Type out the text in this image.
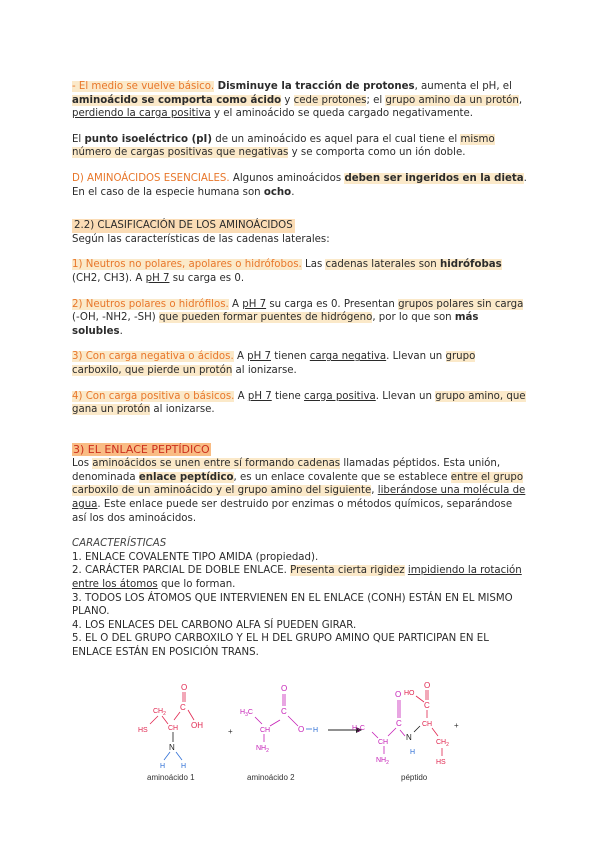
- El medio se vuelve básico. Disminuye la tracción de protones, aumenta el pH, el aminoácido se comporta como ácido y cede protones; el grupo amino da un protón, perdiendo la carga positiva y el aminoácido se queda cargado negativamente.

El punto isoeléctrico (pI) de un aminoácido es aquel para el cual tiene el mismo número de cargas positivas que negativas y se comporta como un ión doble.

D) AMINOÁCIDOS ESENCIALES. Algunos aminoácidos deben ser ingeridos en la dieta. En el caso de la especie humana son ocho.

2.2) CLASIFICACIÓN DE LOS AMINOÁCIDOS

Según las características de las cadenas laterales:

1) Neutros no polares, apolares o hidrófobos. Las cadenas laterales son hidrófobas (CH2, CH3). A pH 7 su carga es 0.

2) Neutros polares o hidrófilos. A pH 7 su carga es 0. Presentan grupos polares sin carga (-OH, -NH2, -SH) que pueden formar puentes de hidrógeno, por lo que son más solubles.

3) Con carga negativa o ácidos. A pH 7 tienen carga negativa. Llevan un grupo carboxilo, que pierde un protón al ionizarse.

4) Con carga positiva o básicos. A pH 7 tiene carga positiva. Llevan un grupo amino, que gana un protón al ionizarse.

3) EL ENLACE PEPTÍDICO

Los aminoácidos se unen entre sí formando cadenas llamadas péptidos. Esta unión, denominada enlace peptídico, es un enlace covalente que se establece entre el grupo carboxilo de un aminoácido y el grupo amino del siguiente, liberándose una molécula de agua. Este enlace puede ser destruido por enzimas o métodos químicos, separándose así los dos aminoácidos.

CARACTERÍSTICAS

1. ENLACE COVALENTE TIPO AMIDA (propiedad).

2. CARÁCTER PARCIAL DE DOBLE ENLACE. Presenta cierta rigidez impidiendo la rotación entre los átomos que lo forman.

3. TODOS LOS ÁTOMOS QUE INTERVIENEN EN EL ENLACE (CONH) ESTÁN EN EL MISMO PLANO.

4. LOS ENLACES DEL CARBONO ALFA SÍ PUEDEN GIRAR.

5. EL O DEL GRUPO CARBOXILO Y EL H DEL GRUPO AMINO QUE PARTICIPAN EN EL ENLACE ESTÁN EN POSICIÓN TRANS.

O
C
OH
$CH_2$
CH
HS
N
H H
aminoácido 1
+
$H_3C$
CH
C
O
O H
$NH_2$
aminoácido 2
HO
O
C
CH
$CH_2$
HS
N
H
C
O
CH
$H_3C$
$NH_2$
+
péptido
